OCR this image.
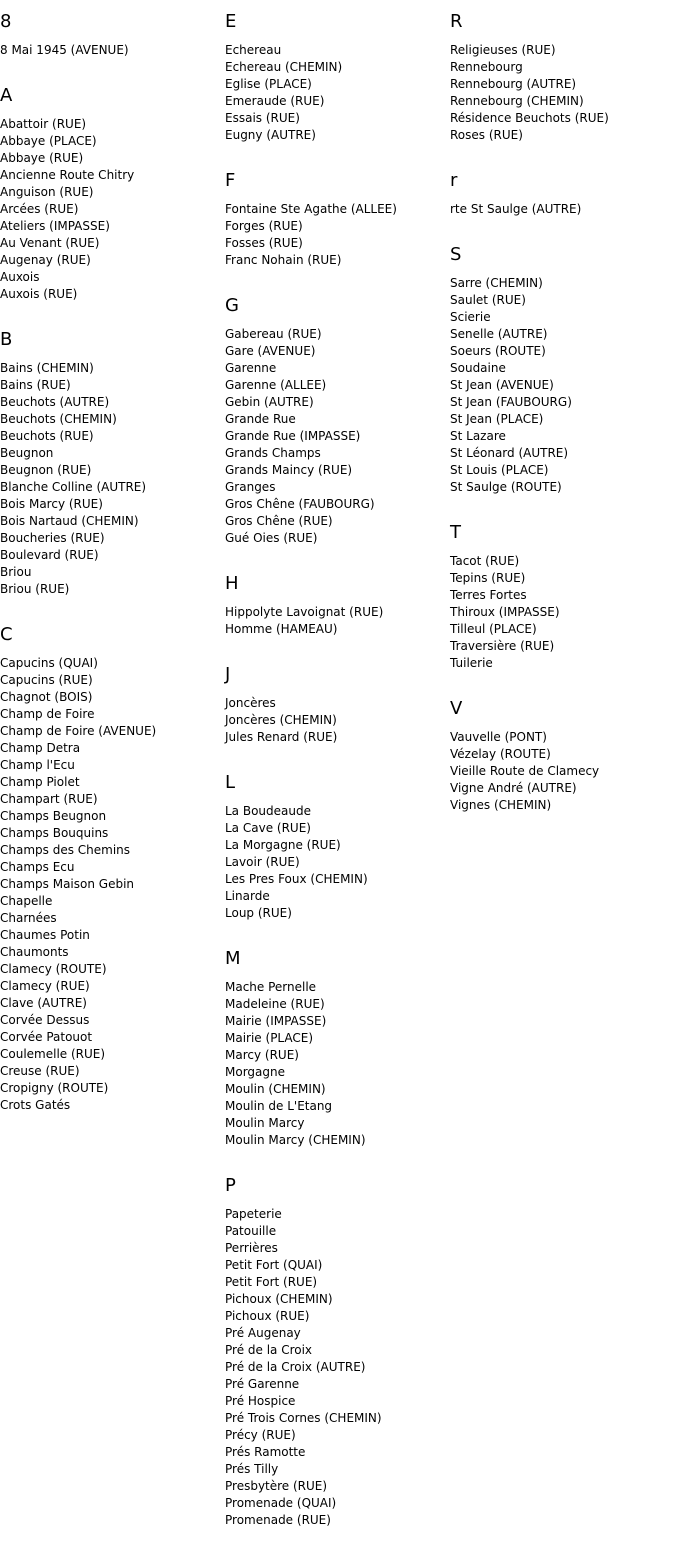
8
8 Mai 1945 (AVENUE)
A
Abattoir (RUE)
Abbaye (PLACE)
Abbaye (RUE)
Ancienne Route Chitry
Anguison (RUE)
Arcées (RUE)
Ateliers (IMPASSE)
Au Venant (RUE)
Augenay (RUE)
Auxois
Auxois (RUE)
B
Bains (CHEMIN)
Bains (RUE)
Beuchots (AUTRE)
Beuchots (CHEMIN)
Beuchots (RUE)
Beugnon
Beugnon (RUE)
Blanche Colline (AUTRE)
Bois Marcy (RUE)
Bois Nartaud (CHEMIN)
Boucheries (RUE)
Boulevard (RUE)
Briou
Briou (RUE)
C
Capucins (QUAI)
Capucins (RUE)
Chagnot (BOIS)
Champ de Foire
Champ de Foire (AVENUE)
Champ Detra
Champ l'Ecu
Champ Piolet
Champart (RUE)
Champs Beugnon
Champs Bouquins
Champs des Chemins
Champs Ecu
Champs Maison Gebin
Chapelle
Charnées
Chaumes Potin
Chaumonts
Clamecy (ROUTE)
Clamecy (RUE)
Clave (AUTRE)
Corvée Dessus
Corvée Patouot
Coulemelle (RUE)
Creuse (RUE)
Cropigny (ROUTE)
Crots Gatés
E
Echereau
Echereau (CHEMIN)
Eglise (PLACE)
Emeraude (RUE)
Essais (RUE)
Eugny (AUTRE)
F
Fontaine Ste Agathe (ALLEE)
Forges (RUE)
Fosses (RUE)
Franc Nohain (RUE)
G
Gabereau (RUE)
Gare (AVENUE)
Garenne
Garenne (ALLEE)
Gebin (AUTRE)
Grande Rue
Grande Rue (IMPASSE)
Grands Champs
Grands Maincy (RUE)
Granges
Gros Chêne (FAUBOURG)
Gros Chêne (RUE)
Gué Oies (RUE)
H
Hippolyte Lavoignat (RUE)
Homme (HAMEAU)
J
Joncères
Joncères (CHEMIN)
Jules Renard (RUE)
L
La Boudeaude
La Cave (RUE)
La Morgagne (RUE)
Lavoir (RUE)
Les Pres Foux (CHEMIN)
Linarde
Loup (RUE)
M
Mache Pernelle
Madeleine (RUE)
Mairie (IMPASSE)
Mairie (PLACE)
Marcy (RUE)
Morgagne
Moulin (CHEMIN)
Moulin de L'Etang
Moulin Marcy
Moulin Marcy (CHEMIN)
P
Papeterie
Patouille
Perrières
Petit Fort (QUAI)
Petit Fort (RUE)
Pichoux (CHEMIN)
Pichoux (RUE)
Pré Augenay
Pré de la Croix
Pré de la Croix (AUTRE)
Pré Garenne
Pré Hospice
Pré Trois Cornes (CHEMIN)
Précy (RUE)
Prés Ramotte
Prés Tilly
Presbytère (RUE)
Promenade (QUAI)
Promenade (RUE)
R
Religieuses (RUE)
Rennebourg
Rennebourg (AUTRE)
Rennebourg (CHEMIN)
Résidence Beuchots (RUE)
Roses (RUE)
r
rte St Saulge (AUTRE)
S
Sarre (CHEMIN)
Saulet (RUE)
Scierie
Senelle (AUTRE)
Soeurs (ROUTE)
Soudaine
St Jean (AVENUE)
St Jean (FAUBOURG)
St Jean (PLACE)
St Lazare
St Léonard (AUTRE)
St Louis (PLACE)
St Saulge (ROUTE)
T
Tacot (RUE)
Tepins (RUE)
Terres Fortes
Thiroux (IMPASSE)
Tilleul (PLACE)
Traversière (RUE)
Tuilerie
V
Vauvelle (PONT)
Vézelay (ROUTE)
Vieille Route de Clamecy
Vigne André (AUTRE)
Vignes (CHEMIN)
